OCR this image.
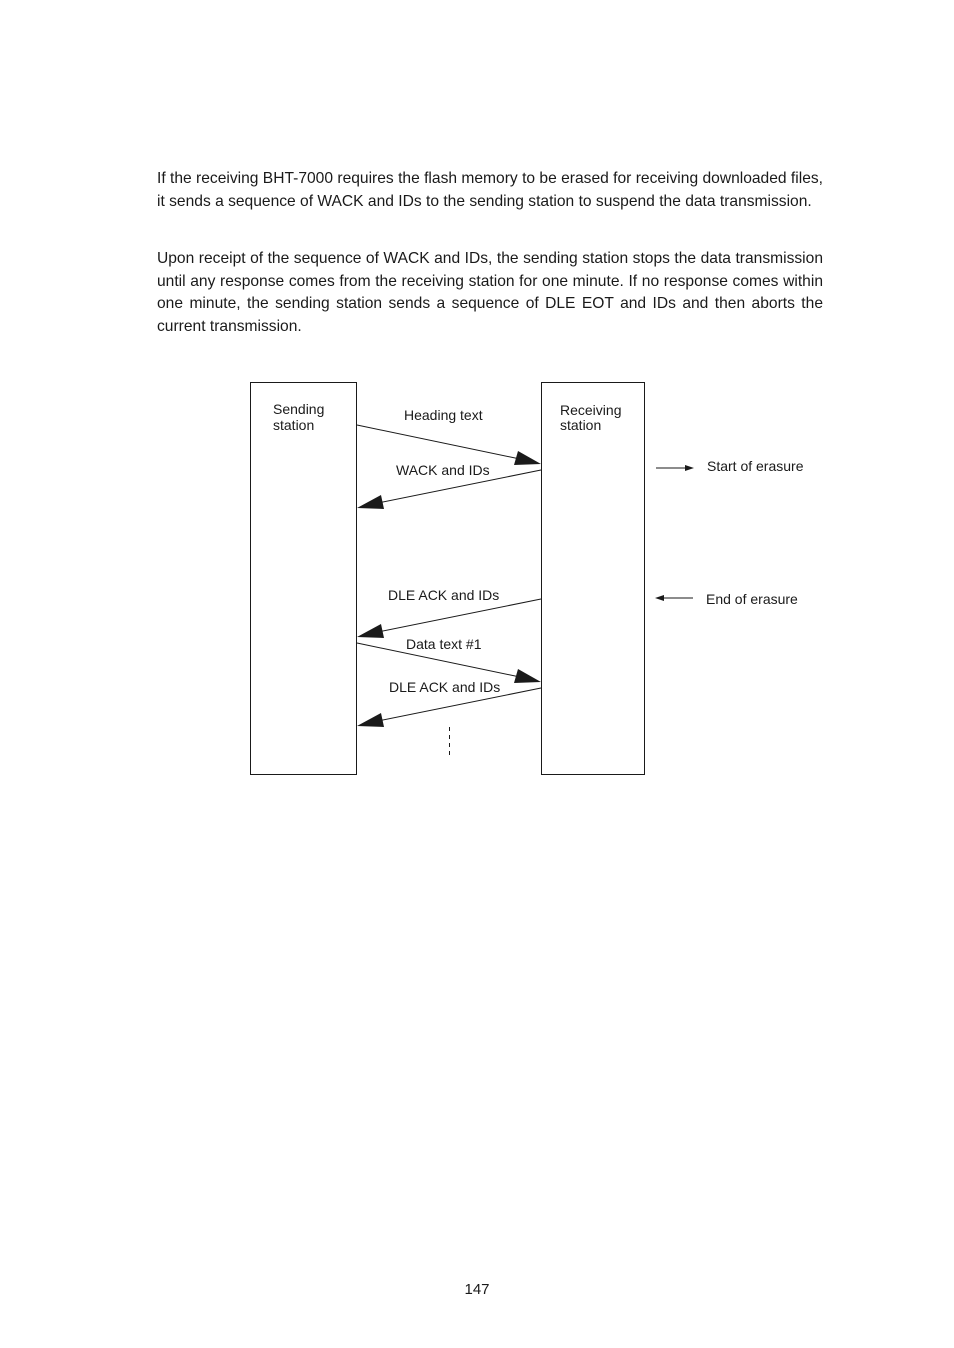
If the receiving BHT-7000 requires the flash memory to be erased for receiving downloaded files, it sends a sequence of WACK and IDs to the sending station to suspend the data transmission.

Upon receipt of the sequence of WACK and IDs, the sending station stops the data transmission until any response comes from the receiving station for one minute. If no response comes within one minute, the sending station sends a sequence of DLE EOT and IDs and then aborts the current transmission.

Sending
station
Receiving
station
Heading text
WACK and IDs
DLE ACK and IDs
Data text #1
DLE ACK and IDs
Start of erasure
End of erasure
147
